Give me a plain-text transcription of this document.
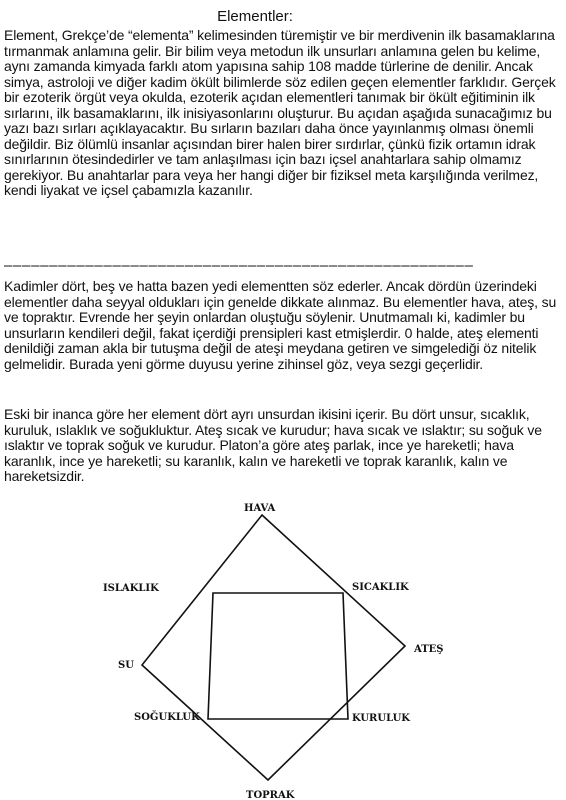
Elementler:

Element, Grekçe’de “elementa” kelimesinden türemiştir ve bir merdivenin ilk basamaklarına tırmanmak anlamına gelir. Bir bilim veya metodun ilk unsurları anlamına gelen bu kelime, aynı zamanda kimyada farklı atom yapısına sahip 108 madde türlerine de denilir. Ancak simya, astroloji ve diğer kadim ökült bilimlerde söz edilen geçen elementler farklıdır. Gerçek bir ezoterik örgüt veya okulda, ezoterik açıdan elementleri tanımak bir ökült eğitiminin ilk sırlarını, ilk basamaklarını, ilk inisiyasonlarını oluşturur. Bu açıdan aşağıda sunacağımız bu yazı bazı sırları açıklayacaktır. Bu sırların bazıları daha önce yayınlanmış olması önemli değildir. Biz ölümlü insanlar açısından birer halen birer sırdırlar, çünkü fizik ortamın idrak sınırlarının ötesindedirler ve tam anlaşılması için bazı içsel anahtarlara sahip olmamız gerekiyor. Bu anahtarlar para veya her hangi diğer bir fiziksel meta karşılığında verilmez, kendi liyakat ve içsel çabamızla kazanılır.

————————————————————————————————————————————————————

Kadimler dört, beş ve hatta bazen yedi elementten söz ederler. Ancak dördün üzerindeki elementler daha seyyal oldukları için genelde dikkate alınmaz. Bu elementler hava, ateş, su ve topraktır. Evrende her şeyin onlardan oluştuğu söylenir. Unutmamalı ki, kadimler bu unsurların kendileri değil, fakat içerdiği prensipleri kast etmişlerdir. 0 halde, ateş elementi denildiği zaman akla bir tutuşma değil de ateşi meydana getiren ve simgelediği öz nitelik gelmelidir. Burada yeni görme duyusu yerine zihinsel göz, veya sezgi geçerlidir.

Eski bir inanca göre her element dört ayrı unsurdan ikisini içerir. Bu dört unsur, sıcaklık, kuruluk, ıslaklık ve soğukluktur. Ateş sıcak ve kurudur; hava sıcak ve ıslaktır; su soğuk ve ıslaktır ve toprak soğuk ve kurudur. Platon’a göre ateş parlak, ince ye hareketli; hava karanlık, ince ye hareketli; su karanlık, kalın ve hareketli ve toprak karanlık, kalın ve hareketsizdir.

HAVA
ISLAKLIK	SICAKLIK
ATEŞ
SU
SOĞUKLUK	KURULUK
TOPRAK
